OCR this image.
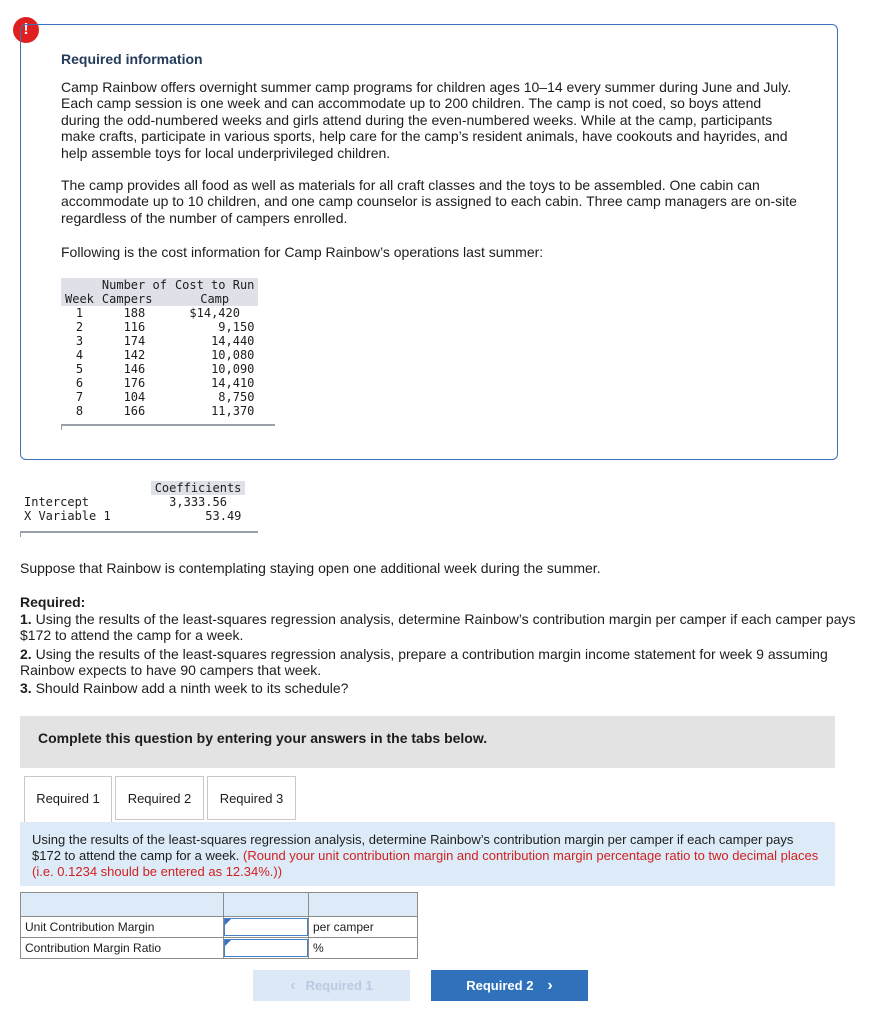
!
Required information

Camp Rainbow offers overnight summer camp programs for children ages 10–14 every summer during June and July. Each camp session is one week and can accommodate up to 200 children. The camp is not coed, so boys attend during the odd-numbered weeks and girls attend during the even-numbered weeks. While at the camp, participants make crafts, participate in various sports, help care for the camp’s resident animals, have cookouts and hayrides, and help assemble toys for local underprivileged children.

The camp provides all food as well as materials for all craft classes and the toys to be assembled. One cabin can accommodate up to 10 children, and one camp counselor is assigned to each cabin. Three camp managers are on-site regardless of the number of campers enrolled.

Following is the cost information for Camp Rainbow’s operations last summer:

	Number of	Cost to Run
Week	Campers	Camp
1	188	$14,420
2	116	9,150
3	174	14,440
4	142	10,080
5	146	10,090
6	176	14,410
7	104	8,750
8	166	11,370
	Coefficients
Intercept	3,333.56
X Variable 1	53.49

Suppose that Rainbow is contemplating staying open one additional week during the summer.

Required:

1. Using the results of the least-squares regression analysis, determine Rainbow’s contribution margin per camper if each camper pays $172 to attend the camp for a week.

2. Using the results of the least-squares regression analysis, prepare a contribution margin income statement for week 9 assuming Rainbow expects to have 90 campers that week.

3. Should Rainbow add a ninth week to its schedule?

Complete this question by entering your answers in the tabs below.
Required 1	Required 2	Required 3
Using the results of the least-squares regression analysis, determine Rainbow’s contribution margin per camper if each camper pays $172 to attend the camp for a week. (Round your unit contribution margin and contribution margin percentage ratio to two decimal places (i.e. 0.1234 should be entered as 12.34%.))

Unit Contribution Margin		per camper
Contribution Margin Ratio		%
‹ Required 1	Required 2 ›
